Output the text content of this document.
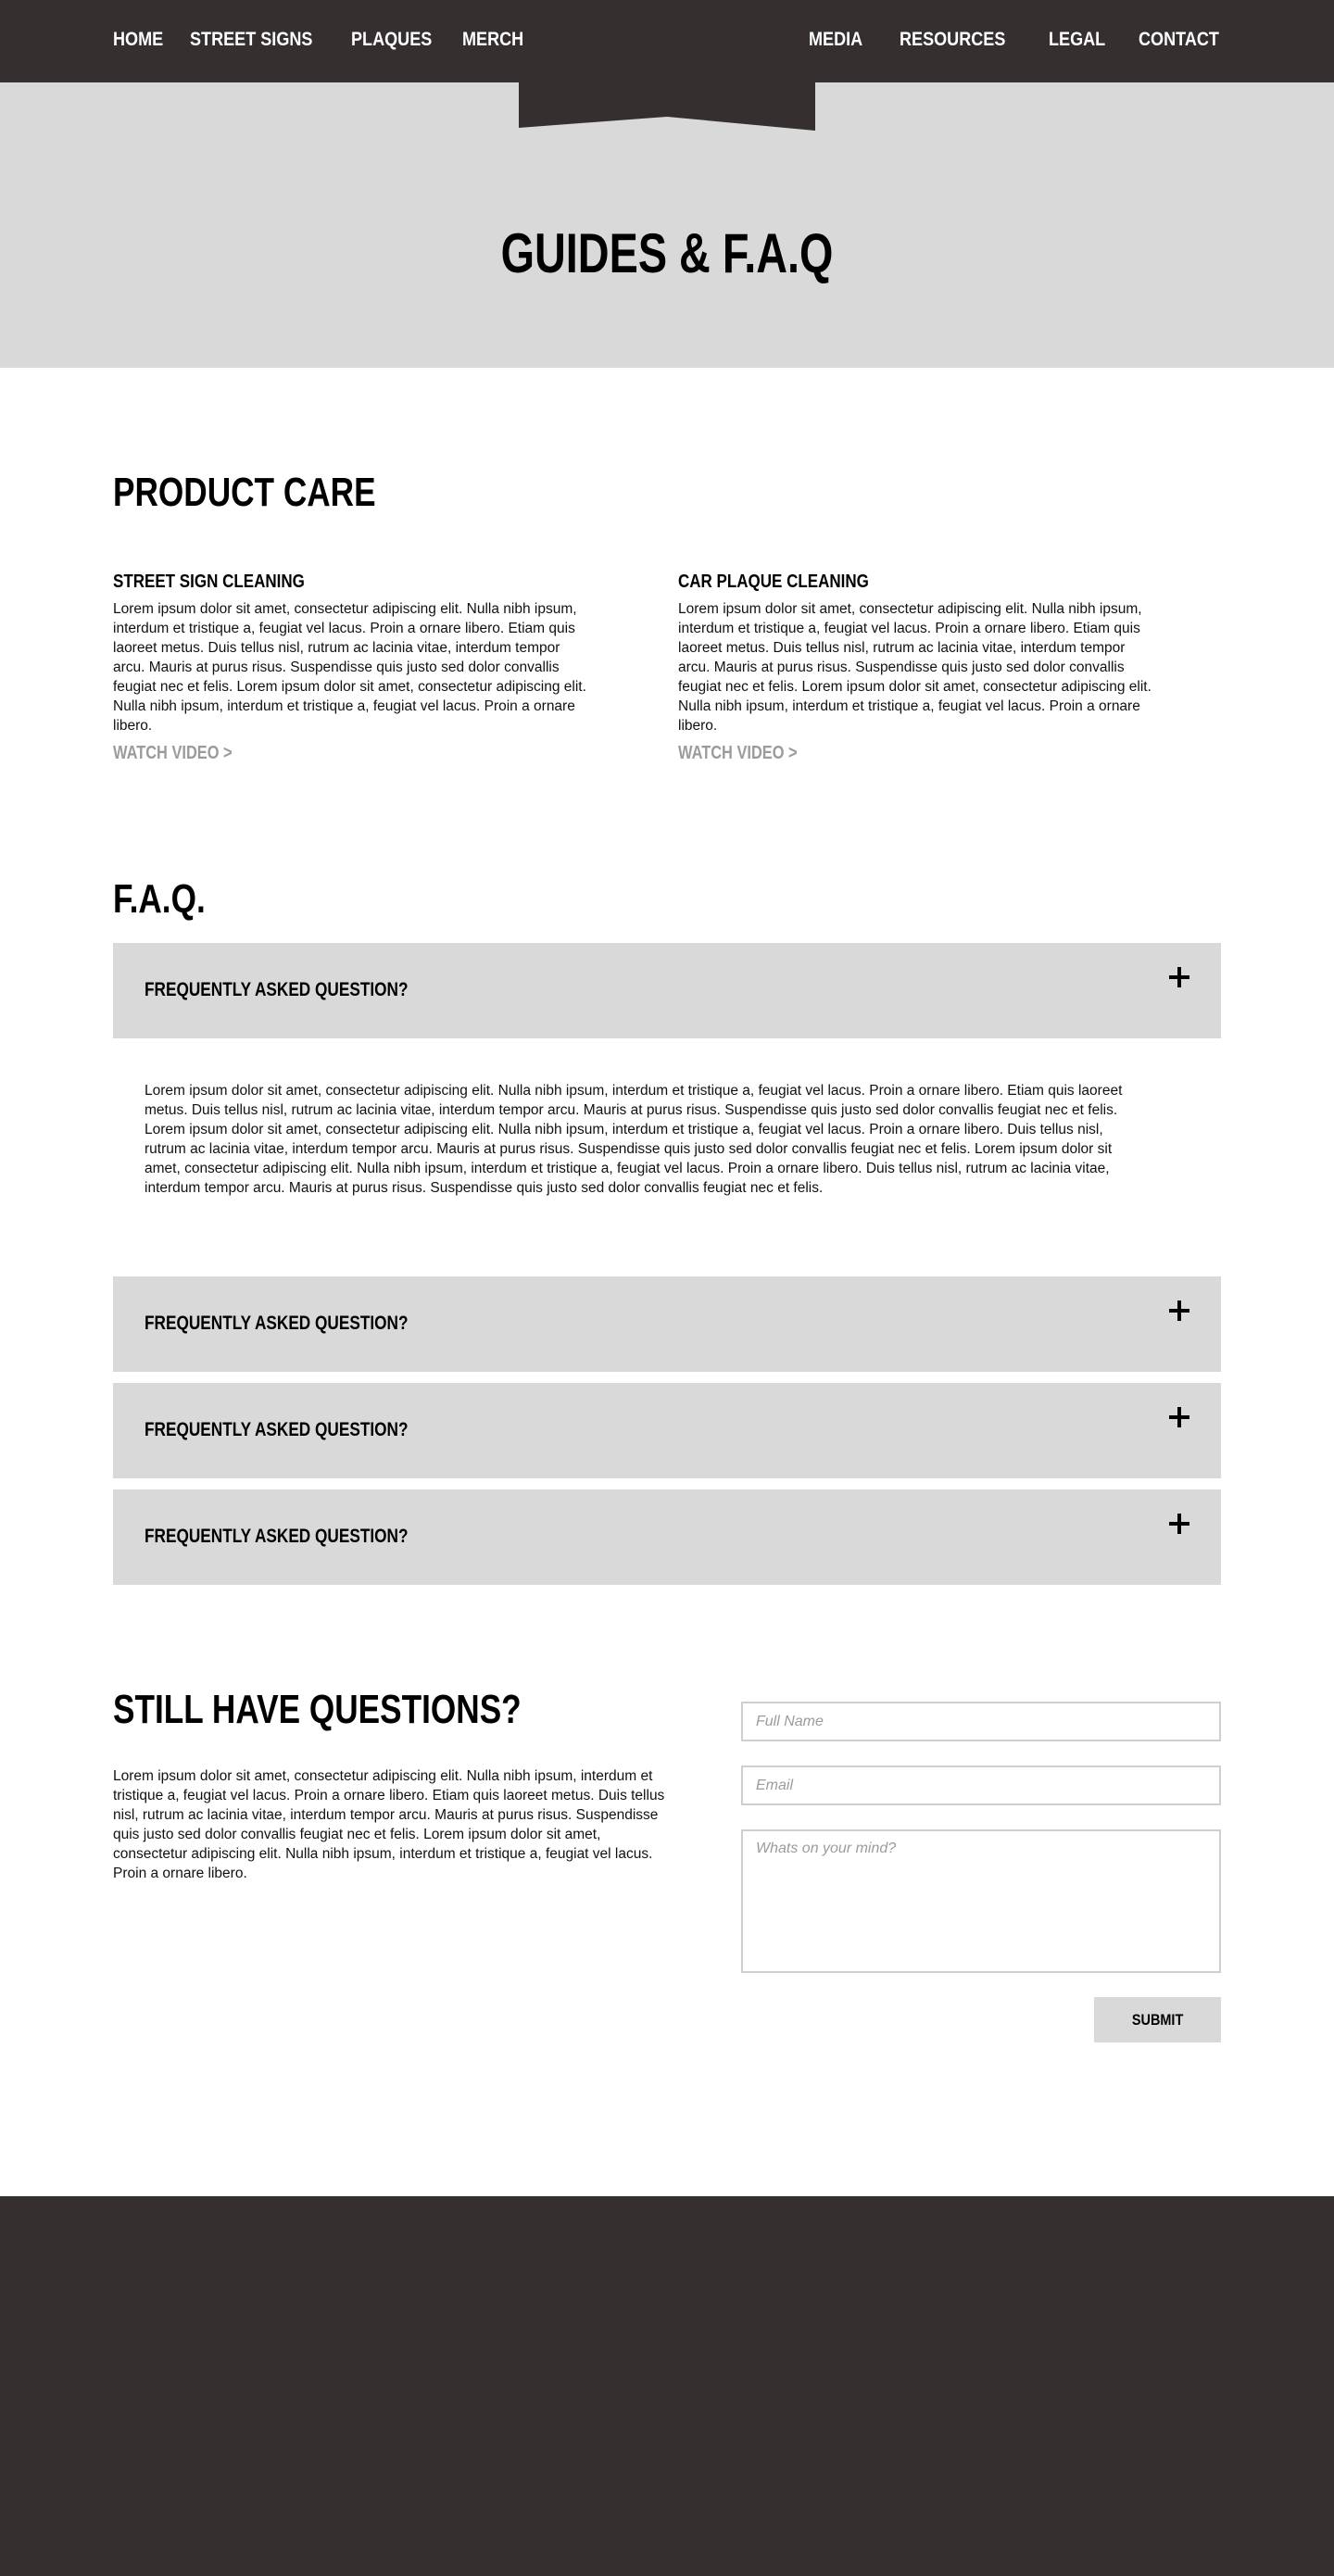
HOME STREET SIGNS PLAQUES MERCH	MEDIA RESOURCES LEGAL CONTACT
GUIDES & F.A.Q
PRODUCT CARE
STREET SIGN CLEANING

Lorem ipsum dolor sit amet, consectetur adipiscing elit. Nulla nibh ipsum, interdum et tristique a, feugiat vel lacus. Proin a ornare libero. Etiam quis laoreet metus. Duis tellus nisl, rutrum ac lacinia vitae, interdum tempor arcu. Mauris at purus risus. Suspendisse quis justo sed dolor convallis feugiat nec et felis. Lorem ipsum dolor sit amet, consectetur adipiscing elit. Nulla nibh ipsum, interdum et tristique a, feugiat vel lacus. Proin a ornare libero.

WATCH VIDEO >
CAR PLAQUE CLEANING

Lorem ipsum dolor sit amet, consectetur adipiscing elit. Nulla nibh ipsum, interdum et tristique a, feugiat vel lacus. Proin a ornare libero. Etiam quis laoreet metus. Duis tellus nisl, rutrum ac lacinia vitae, interdum tempor arcu. Mauris at purus risus. Suspendisse quis justo sed dolor convallis feugiat nec et felis. Lorem ipsum dolor sit amet, consectetur adipiscing elit. Nulla nibh ipsum, interdum et tristique a, feugiat vel lacus. Proin a ornare libero.

WATCH VIDEO >
F.A.Q.
FREQUENTLY ASKED QUESTION?

Lorem ipsum dolor sit amet, consectetur adipiscing elit. Nulla nibh ipsum, interdum et tristique a, feugiat vel lacus. Proin a ornare libero. Etiam quis laoreet metus. Duis tellus nisl, rutrum ac lacinia vitae, interdum tempor arcu. Mauris at purus risus. Suspendisse quis justo sed dolor convallis feugiat nec et felis. Lorem ipsum dolor sit amet, consectetur adipiscing elit. Nulla nibh ipsum, interdum et tristique a, feugiat vel lacus. Proin a ornare libero. Duis tellus nisl, rutrum ac lacinia vitae, interdum tempor arcu. Mauris at purus risus. Suspendisse quis justo sed dolor convallis feugiat nec et felis. Lorem ipsum dolor sit amet, consectetur adipiscing elit. Nulla nibh ipsum, interdum et tristique a, feugiat vel lacus. Proin a ornare libero. Duis tellus nisl, rutrum ac lacinia vitae, interdum tempor arcu. Mauris at purus risus. Suspendisse quis justo sed dolor convallis feugiat nec et felis.

FREQUENTLY ASKED QUESTION?
FREQUENTLY ASKED QUESTION?
FREQUENTLY ASKED QUESTION?
STILL HAVE QUESTIONS?

Lorem ipsum dolor sit amet, consectetur adipiscing elit. Nulla nibh ipsum, interdum et tristique a, feugiat vel lacus. Proin a ornare libero. Etiam quis laoreet metus. Duis tellus nisl, rutrum ac lacinia vitae, interdum tempor arcu. Mauris at purus risus. Suspendisse quis justo sed dolor convallis feugiat nec et felis. Lorem ipsum dolor sit amet, consectetur adipiscing elit. Nulla nibh ipsum, interdum et tristique a, feugiat vel lacus. Proin a ornare libero.

Full Name
Email
Whats on your mind?
SUBMIT
